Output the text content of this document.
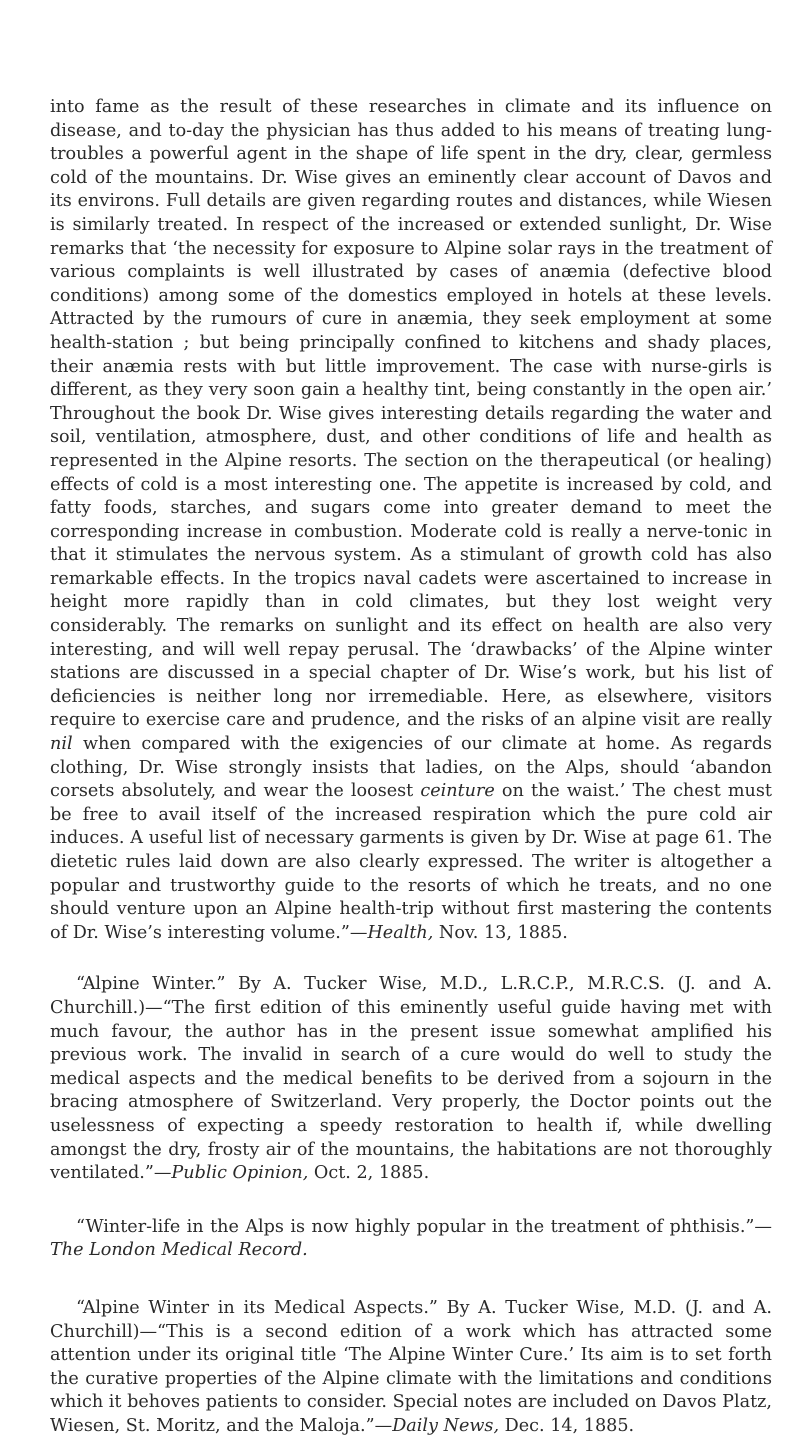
into fame as the result of these researches in climate and its influence on disease, and to-day the physician has thus added to his means of treating lung-troubles a powerful agent in the shape of life spent in the dry, clear, germless cold of the mountains. Dr. Wise gives an eminently clear account of Davos and its environs. Full details are given regarding routes and distances, while Wiesen is similarly treated. In respect of the increased or extended sunlight, Dr. Wise remarks that ‘the necessity for exposure to Alpine solar rays in the treatment of various complaints is well illustrated by cases of anæmia (defective blood conditions) among some of the domestics employed in hotels at these levels. Attracted by the rumours of cure in anæmia, they seek employment at some health-station ; but being principally confined to kitchens and shady places, their anæmia rests with but little improvement. The case with nurse-girls is different, as they very soon gain a healthy tint, being constantly in the open air.’ Throughout the book Dr. Wise gives interesting details regarding the water and soil, ventilation, atmosphere, dust, and other conditions of life and health as represented in the Alpine resorts. The section on the therapeutical (or healing) effects of cold is a most interesting one. The appetite is increased by cold, and fatty foods, starches, and sugars come into greater demand to meet the corresponding increase in combustion. Moderate cold is really a nerve-tonic in that it stimulates the nervous system. As a stimulant of growth cold has also remarkable effects. In the tropics naval cadets were ascertained to increase in height more rapidly than in cold climates, but they lost weight very considerably. The remarks on sunlight and its effect on health are also very interesting, and will well repay perusal. The ‘drawbacks’ of the Alpine winter stations are discussed in a special chapter of Dr. Wise’s work, but his list of deficiencies is neither long nor irremediable. Here, as elsewhere, visitors require to exercise care and prudence, and the risks of an alpine visit are really nil when compared with the exigencies of our climate at home. As regards clothing, Dr. Wise strongly insists that ladies, on the Alps, should ‘abandon corsets absolutely, and wear the loosest ceinture on the waist.’ The chest must be free to avail itself of the increased respiration which the pure cold air induces. A useful list of necessary garments is given by Dr. Wise at page 61. The dietetic rules laid down are also clearly expressed. The writer is altogether a popular and trustworthy guide to the resorts of which he treats, and no one should venture upon an Alpine health-trip without first mastering the contents of Dr. Wise’s interesting volume.”—Health, Nov. 13, 1885.

“Alpine Winter.” By A. Tucker Wise, M.D., L.R.C.P., M.R.C.S. (J. and A. Churchill.)—“The first edition of this eminently useful guide having met with much favour, the author has in the present issue somewhat amplified his previous work. The invalid in search of a cure would do well to study the medical aspects and the medical benefits to be derived from a sojourn in the bracing atmosphere of Switzerland. Very properly, the Doctor points out the uselessness of expecting a speedy restoration to health if, while dwelling amongst the dry, frosty air of the mountains, the habitations are not thoroughly ventilated.”—Public Opinion, Oct. 2, 1885.

“Winter-life in the Alps is now highly popular in the treatment of phthisis.”—The London Medical Record.

“Alpine Winter in its Medical Aspects.” By A. Tucker Wise, M.D. (J. and A. Churchill)—“This is a second edition of a work which has attracted some attention under its original title ‘The Alpine Winter Cure.’ Its aim is to set forth the curative properties of the Alpine climate with the limitations and conditions which it behoves patients to consider. Special notes are included on Davos Platz, Wiesen, St. Moritz, and the Maloja.”—Daily News, Dec. 14, 1885.
